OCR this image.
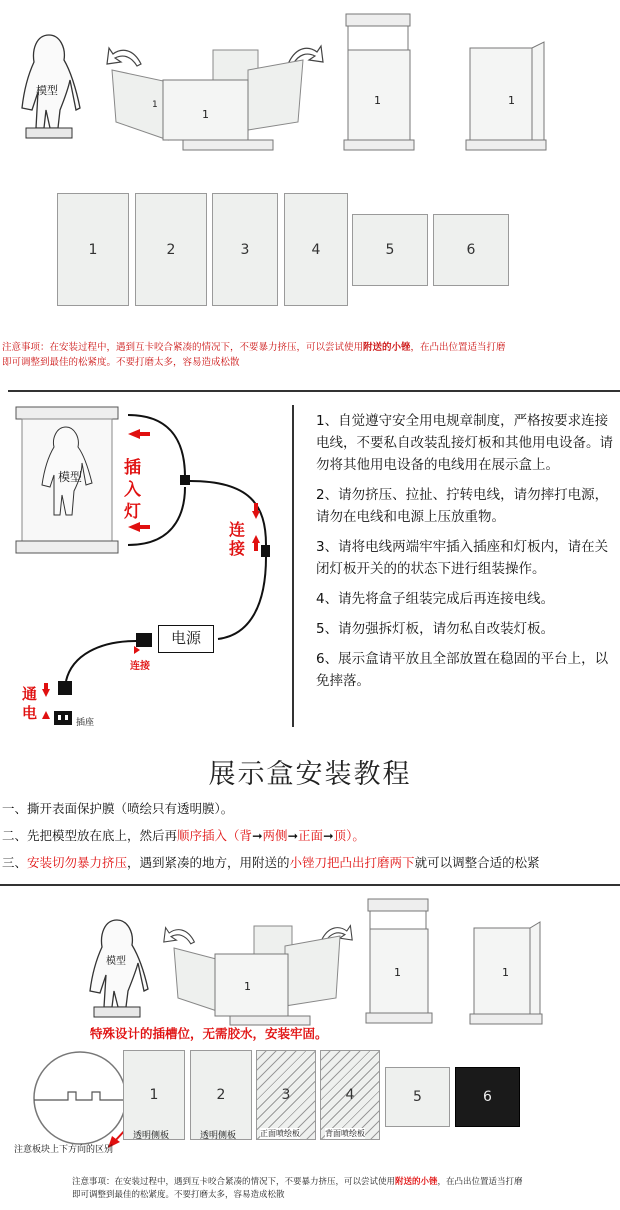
模型
1
1	1	1
1	2	3	4	5	6
注意事项：在安装过程中，遇到互卡咬合紧凑的情况下，不要暴力挤压，可以尝试使用附送的小锉，在凸出位置适当打磨
即可调整到最佳的松紧度。不要打磨太多，容易造成松散
模型 插
入
灯
连
接
电源
连接
通
电
插座
1、自觉遵守安全用电规章制度，严格按要求连接电线，不要私自改装乱接灯板和其他用电设备。请勿将其他用电设备的电线用在展示盒上。
2、请勿挤压、拉扯、拧转电线，请勿摔打电源，请勿在电线和电源上压放重物。
3、请将电线两端牢牢插入插座和灯板内，请在关闭灯板开关的的状态下进行组装操作。
4、请先将盒子组装完成后再连接电线。
5、请勿强拆灯板，请勿私自改装灯板。
6、展示盒请平放且全部放置在稳固的平台上，以免摔落。
展示盒安装教程
一、撕开表面保护膜（喷绘只有透明膜）。
二、先把模型放在底上，然后再顺序插入（背➞两侧➞正面➞顶）。
三、安装切勿暴力挤压，遇到紧凑的地方，用附送的小锉刀把凸出打磨两下就可以调整合适的松紧
模型
1
1	1
特殊设计的插槽位，无需胶水，安装牢固。
注意板块上下方向的区别
1	2	3	4	5	6
透明侧板	透明侧板	正面喷绘板	背面喷绘板
注意事项：在安装过程中，遇到互卡咬合紧凑的情况下，不要暴力挤压，可以尝试使用附送的小锉，在凸出位置适当打磨
即可调整到最佳的松紧度。不要打磨太多，容易造成松散
